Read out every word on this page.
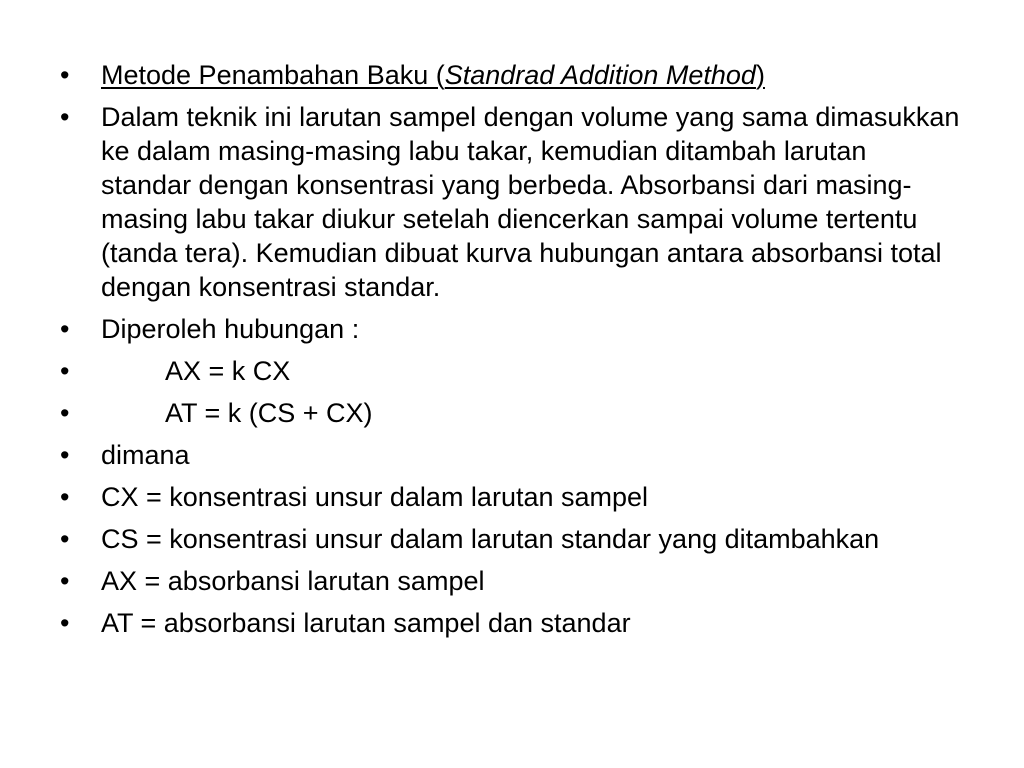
•	Metode Penambahan Baku (Standrad Addition Method)
•	Dalam teknik ini larutan sampel dengan volume yang sama dimasukkan ke dalam masing-masing labu takar, kemudian ditambah larutan standar dengan konsentrasi yang berbeda. Absorbansi dari masing-masing labu takar diukur setelah diencerkan sampai volume tertentu (tanda tera). Kemudian dibuat kurva hubungan antara absorbansi total dengan konsentrasi standar.
•	Diperoleh hubungan :
•	AX = k CX
•	AT = k (CS + CX)
•	dimana
•	CX = konsentrasi unsur dalam larutan sampel
•	CS = konsentrasi unsur dalam larutan standar yang ditambahkan
•	AX = absorbansi larutan sampel
•	AT = absorbansi larutan sampel dan standar
